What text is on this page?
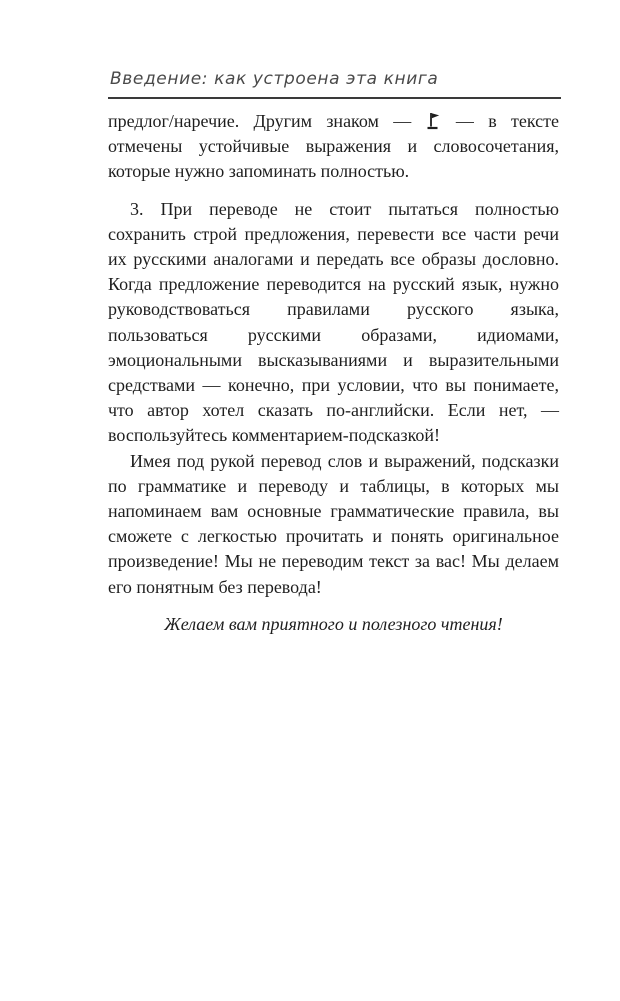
Введение: как устроена эта книга

предлог/наречие. Другим знаком — — в тексте отмечены устойчивые выражения и словосочетания, которые нужно запоминать полностью.

3. При переводе не стоит пытаться полностью сохранить строй предложения, перевести все части речи их русскими аналогами и передать все образы дословно. Когда предложение переводится на русский язык, нужно руководствоваться правилами русского языка, пользоваться русскими образами, идиомами, эмоциональными высказываниями и выразительными средствами — конечно, при условии, что вы понимаете, что автор хотел сказать по-английски. Если нет, — воспользуйтесь комментарием-подсказкой!

Имея под рукой перевод слов и выражений, подсказки по грамматике и переводу и таблицы, в которых мы напоминаем вам основные грамматические правила, вы сможете с легкостью прочитать и понять оригинальное произведение! Мы не переводим текст за вас! Мы делаем его понятным без перевода!

Желаем вам приятного и полезного чтения!
